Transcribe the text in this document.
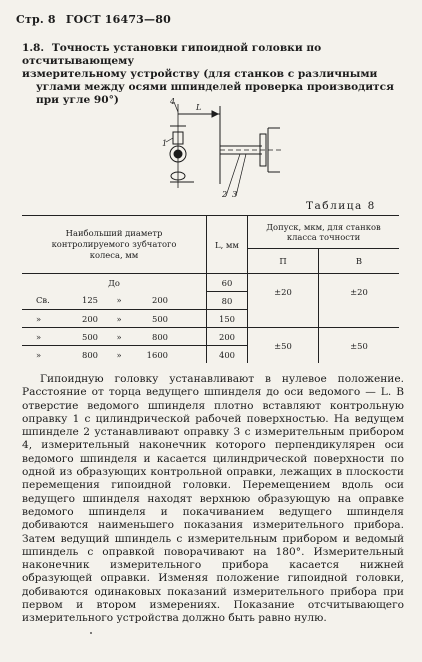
Стр. 8 ГОСТ 16473—80
1.8. Точность установки гипоидной головки по отсчитывающему
измерительному устройству (для станков с различными углами между осями шпинделей проверка производится при угле 90°)
1
2 3
4
L
Таблица 8
Наибольший диаметр контролируемого зубчатого колеса, мм	L, мм	Допуск, мкм, для станков класса точности	
		П	В
До	60	±20	±20
Св. 125 » 200	80		
» 200 » 500	150		
» 500 » 800	200	±50	±50
» 800 » 1600	400		

Гипоидную головку устанавливают в нулевое положение. Расстояние от торца ведущего шпинделя до оси ведомого — L. В отверстие ведомого шпинделя плотно вставляют контрольную оправку 1 с цилиндрической рабочей поверхностью. На ведущем шпинделе 2 устанавливают оправку 3 с измерительным прибором 4, измерительный наконечник которого перпендикулярен оси ведомого шпинделя и касается цилиндрической поверхности по одной из образующих контрольной оправки, лежащих в плоскости перемещения гипоидной головки. Перемещением вдоль оси ведущего шпинделя находят верхнюю образующую на оправке ведомого шпинделя и покачиванием ведущего шпинделя добиваются наименьшего показания измерительного прибора. Затем ведущий шпиндель с измерительным прибором и ведомый шпиндель с оправкой поворачивают на 180°. Измерительный наконечник измерительного прибора касается нижней образующей оправки. Изменяя положение гипоидной головки, добиваются одинаковых показаний измерительного прибора при первом и втором измерениях. Показание отсчитывающего измерительного устройства должно быть равно нулю.
